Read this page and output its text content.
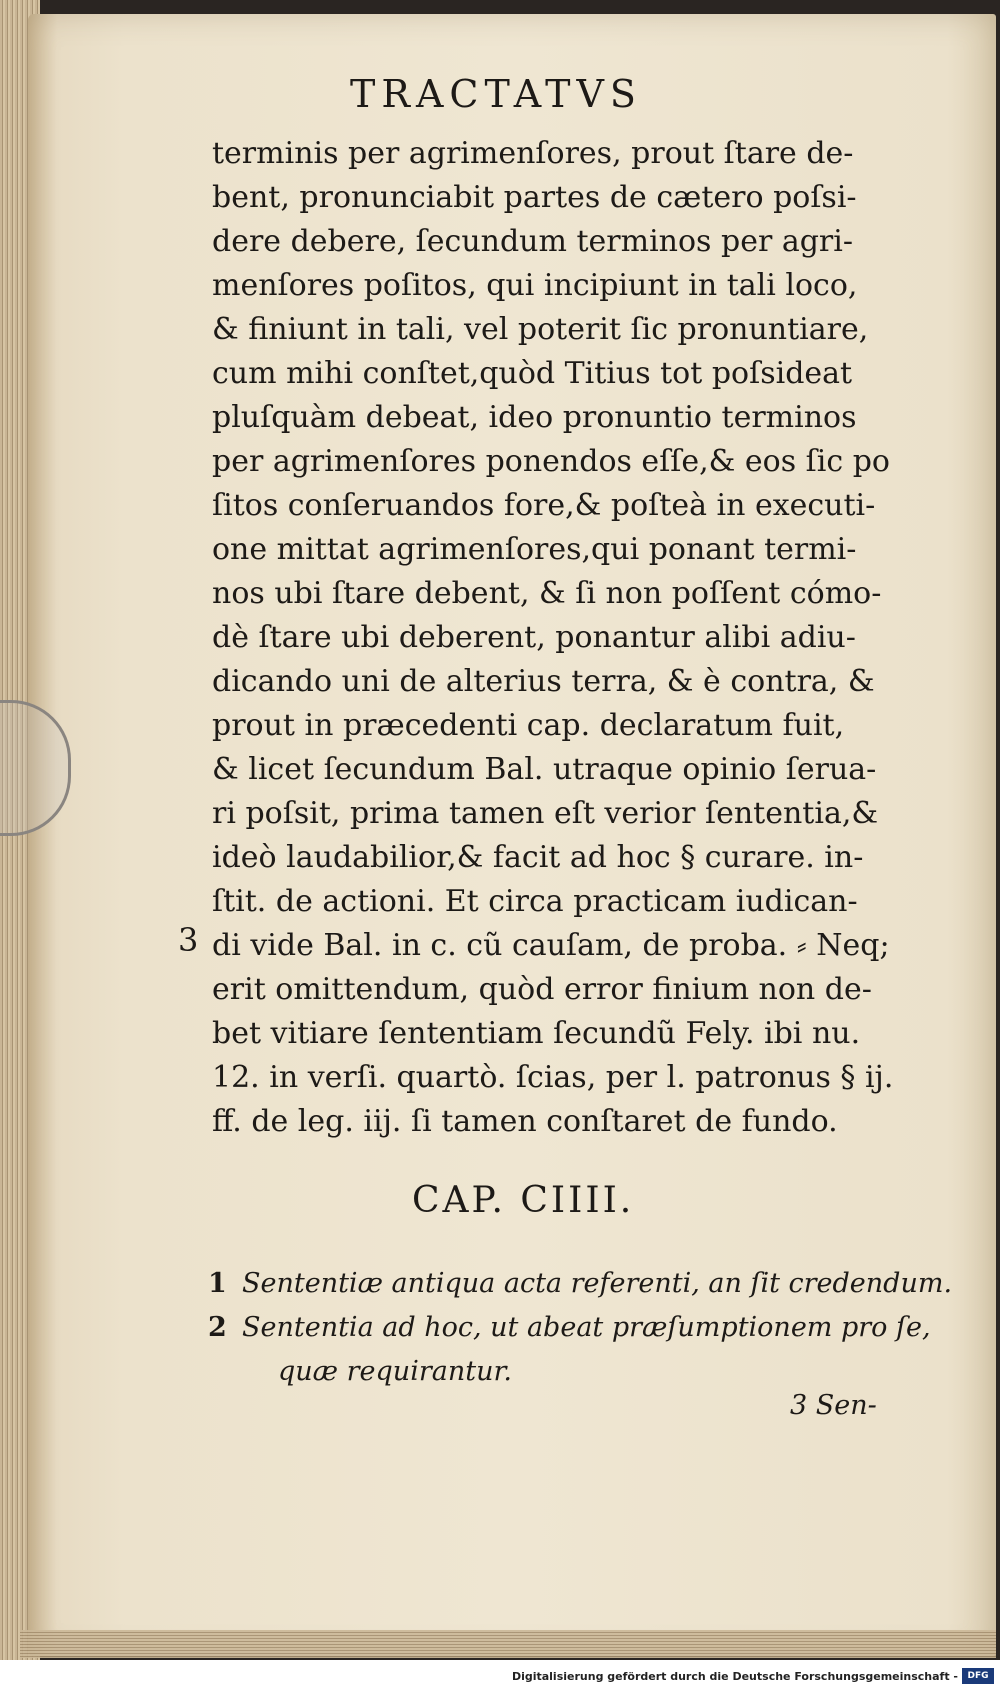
TRACTATVS
terminis per agrimenſores, prout ſtare de-
bent, pronunciabit partes de cætero poſsi-
dere debere, ſecundum terminos per agri-
menſores poſitos, qui incipiunt in tali loco,
& finiunt in tali, vel poterit ſic pronuntiare,
cum mihi conſtet,quòd Titius tot poſsideat
pluſquàm debeat, ideo pronuntio terminos
per agrimenſores ponendos eſſe,& eos ſic po
ſitos conſeruandos fore,& poſteà in executi-
one mittat agrimenſores,qui ponant termi-
nos ubi ſtare debent, & ſi non poſſent cómo-
dè ſtare ubi deberent, ponantur alibi adiu-
dicando uni de alterius terra, & è contra, &
prout in præcedenti cap. declaratum fuit,
& licet ſecundum Bal. utraque opinio ſerua-
ri poſsit, prima tamen eſt verior ſententia,&
ideò laudabilior,& facit ad hoc § curare. in-
ſtit. de actioni. Et circa practicam iudican-
di vide Bal. in c. cũ cauſam, de proba. ⸗ Neq;
erit omittendum, quòd error finium non de-
bet vitiare ſententiam ſecundũ Fely. ibi nu.
12. in verſi. quartò. ſcias, per l. patronus § ij.
ff. de leg. iij. ſi tamen conſtaret de fundo.
3
CAP. CIIII.
1 Sententiæ antiqua acta referenti, an ſit credendum.
2 Sententia ad hoc, ut abeat præſumptionem pro ſe,
quæ requirantur.
3 Sen-
Digitalisierung gefördert durch die Deutsche Forschungsgemeinschaft -	DFG
